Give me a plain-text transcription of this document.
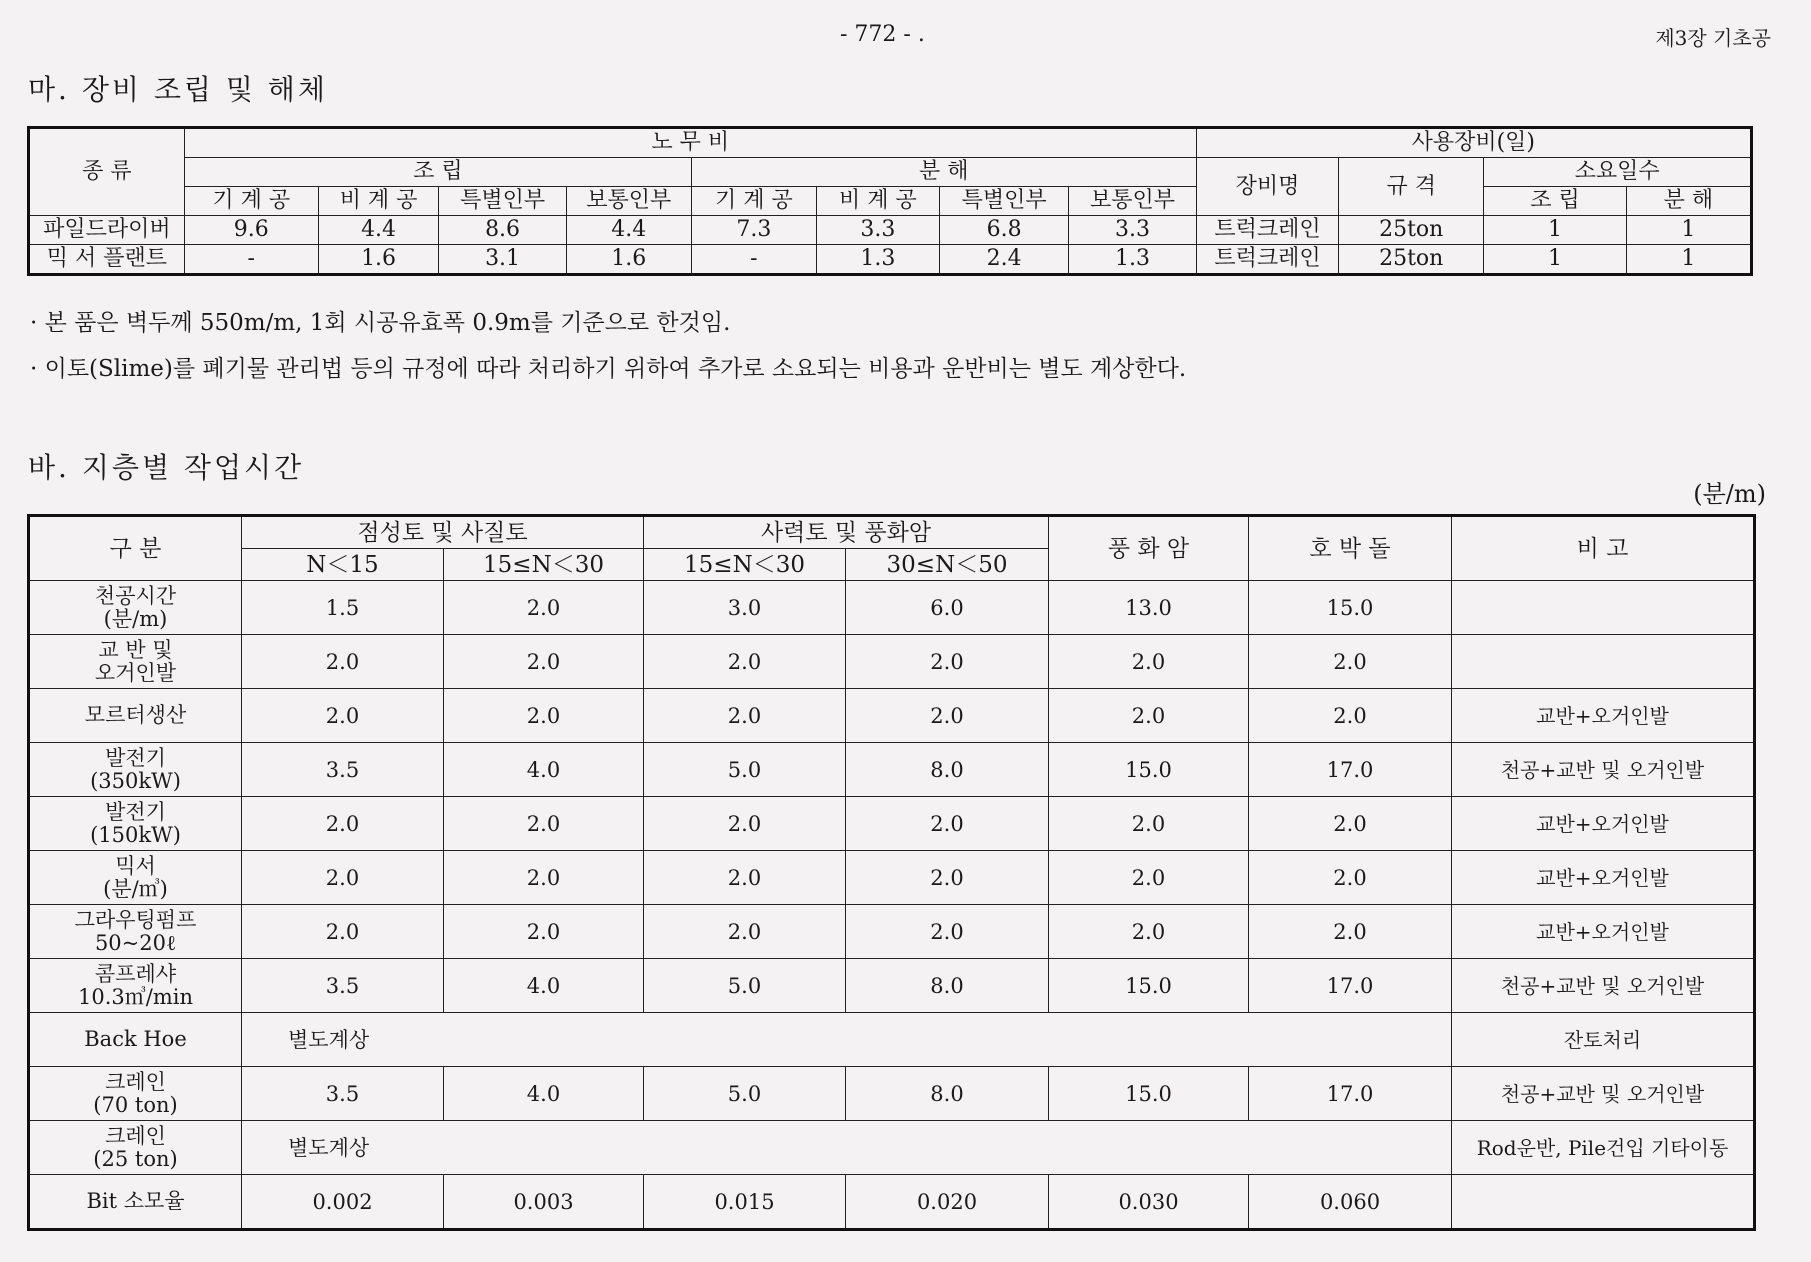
- 772 - .	제3장 기초공
마. 장비 조립 및 해체
종 류	노 무 비								사용장비(일)			
	조 립				분 해				장비명	규 격	소요일수	
	기 계 공	비 계 공	특별인부	보통인부	기 계 공	비 계 공	특별인부	보통인부			조 립	분 해
파일드라이버	9.6	4.4	8.6	4.4	7.3	3.3	6.8	3.3	트럭크레인	25ton	1	1
믹 서 플랜트	-	1.6	3.1	1.6	-	1.3	2.4	1.3	트럭크레인	25ton	1	1
· 본 품은 벽두께 550m/m, 1회 시공유효폭 0.9m를 기준으로 한것임.
· 이토(Slime)를 폐기물 관리법 등의 규정에 따라 처리하기 위하여 추가로 소요되는 비용과 운반비는 별도 계상한다.
바. 지층별 작업시간
(분/m)
구 분	점성토 및 사질토		사력토 및 풍화암		풍 화 암	호 박 돌	비 고
	N＜15	15≤N＜30	15≤N＜30	30≤N＜50			

천공시간
(분/m)	1.5	2.0	3.0	6.0	13.0	15.0	

교 반 및
오거인발	2.0	2.0	2.0	2.0	2.0	2.0	

모르터생산	2.0	2.0	2.0	2.0	2.0	2.0	교반+오거인발

발전기
(350kW)	3.5	4.0	5.0	8.0	15.0	17.0	천공+교반 및 오거인발

발전기
(150kW)	2.0	2.0	2.0	2.0	2.0	2.0	교반+오거인발

믹서
(분/㎥)	2.0	2.0	2.0	2.0	2.0	2.0	교반+오거인발

그라우팅펌프
50~20ℓ	2.0	2.0	2.0	2.0	2.0	2.0	교반+오거인발

콤프레샤
10.3㎥/min	3.5	4.0	5.0	8.0	15.0	17.0	천공+교반 및 오거인발

Back Hoe	별도계상						잔토처리

크레인
(70 ton)	3.5	4.0	5.0	8.0	15.0	17.0	천공+교반 및 오거인발

크레인
(25 ton)	별도계상						Rod운반, Pile건입 기타이동

Bit 소모율	0.002	0.003	0.015	0.020	0.030	0.060	
